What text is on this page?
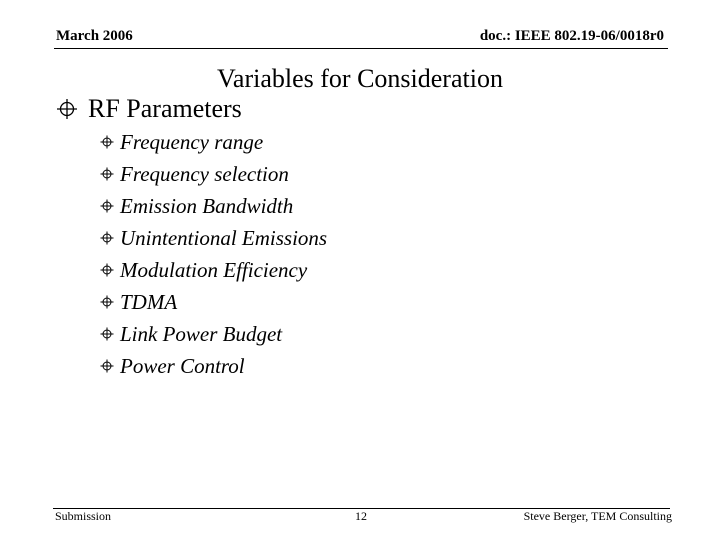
March 2006	doc.: IEEE 802.19-06/0018r0
Variables for Consideration
RF Parameters
Frequency range
Frequency selection
Emission Bandwidth
Unintentional Emissions
Modulation Efficiency
TDMA
Link Power Budget
Power Control
Submission	12	Steve Berger, TEM Consulting
